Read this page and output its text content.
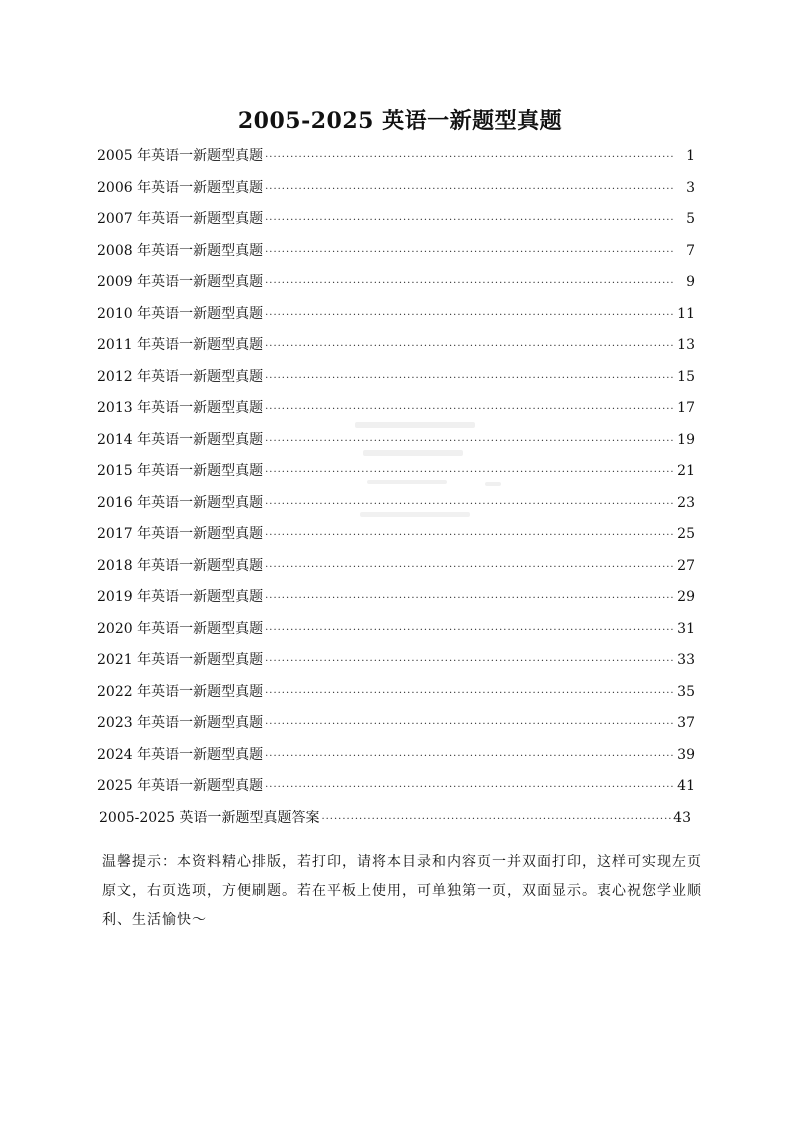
2005-2025 英语一新题型真题
2005 年英语一新题型真题 ·····	1
2006 年英语一新题型真题 ·····	3
2007 年英语一新题型真题 ·····	5
2008 年英语一新题型真题 ·····	7
2009 年英语一新题型真题 ·····	9
2010 年英语一新题型真题 ·····	11
2011 年英语一新题型真题 ·····	13
2012 年英语一新题型真题 ·····	15
2013 年英语一新题型真题 ·····	17
2014 年英语一新题型真题 ·····	19
2015 年英语一新题型真题 ·····	21
2016 年英语一新题型真题 ·····	23
2017 年英语一新题型真题 ·····	25
2018 年英语一新题型真题 ·····	27
2019 年英语一新题型真题 ·····	29
2020 年英语一新题型真题 ·····	31
2021 年英语一新题型真题 ·····	33
2022 年英语一新题型真题 ·····	35
2023 年英语一新题型真题 ·····	37
2024 年英语一新题型真题 ·····	39
2025 年英语一新题型真题 ·····	41
2005-2025 英语一新题型真题答案 ·····	43
温馨提示：本资料精心排版，若打印，请将本目录和内容页一并双面打印，这样可实现左页原文，右页选项，方便刷题。若在平板上使用，可单独第一页，双面显示。衷心祝您学业顺利、生活愉快～
